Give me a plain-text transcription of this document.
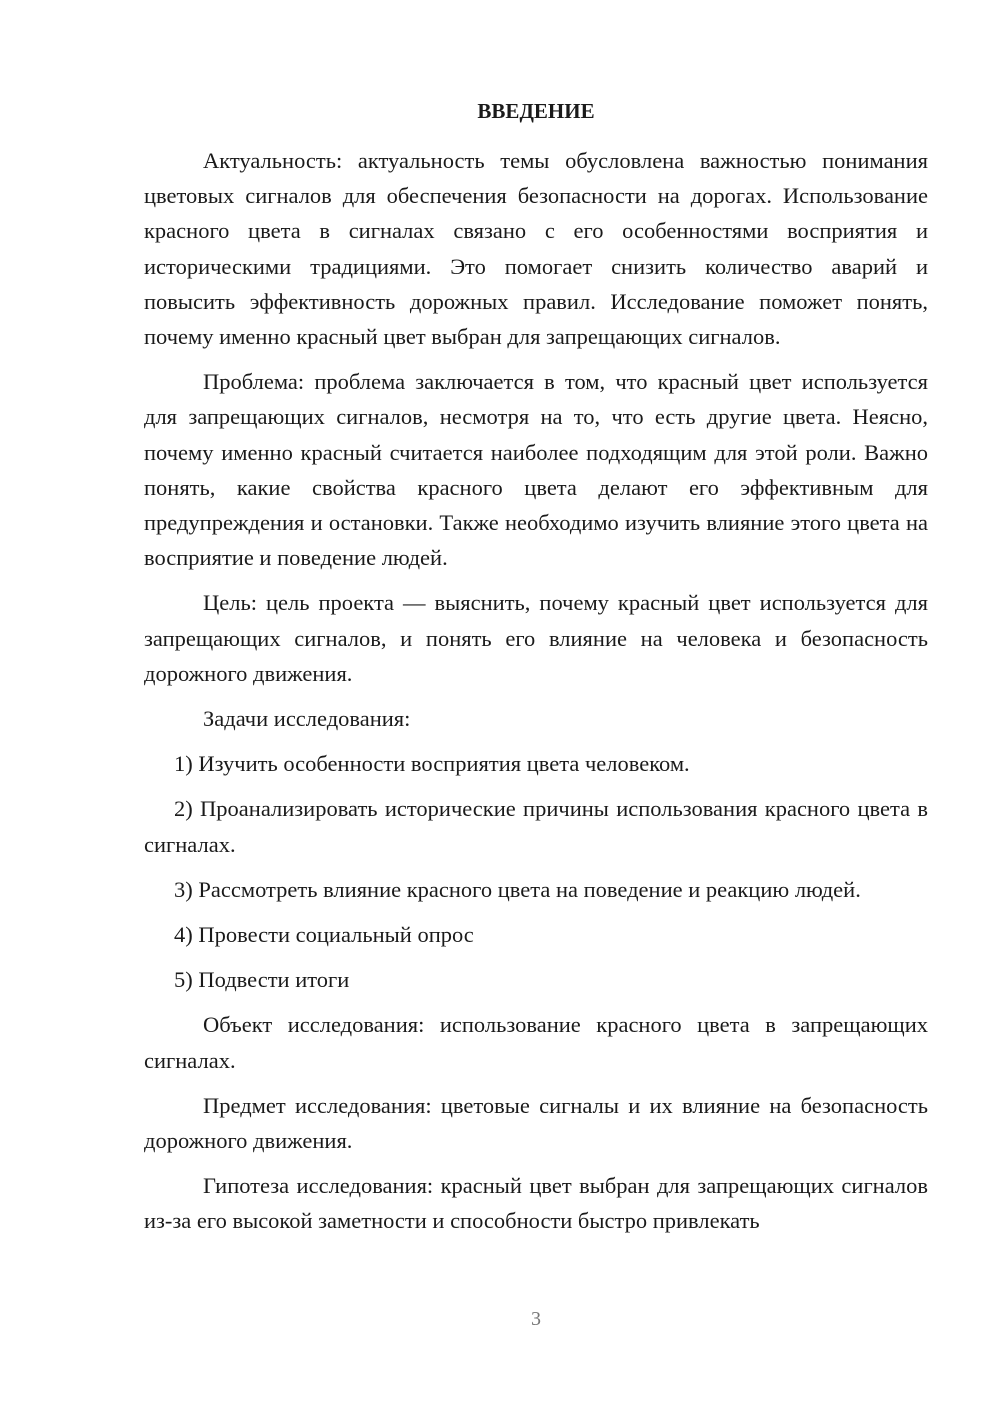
ВВЕДЕНИЕ

Актуальность: актуальность темы обусловлена важностью понимания цветовых сигналов для обеспечения безопасности на дорогах. Использование красного цвета в сигналах связано с его особенностями восприятия и историческими традициями. Это помогает снизить количество аварий и повысить эффективность дорожных правил. Исследование поможет понять, почему именно красный цвет выбран для запрещающих сигналов.

Проблема: проблема заключается в том, что красный цвет используется для запрещающих сигналов, несмотря на то, что есть другие цвета. Неясно, почему именно красный считается наиболее подходящим для этой роли. Важно понять, какие свойства красного цвета делают его эффективным для предупреждения и остановки. Также необходимо изучить влияние этого цвета на восприятие и поведение людей.

Цель: цель проекта — выяснить, почему красный цвет используется для запрещающих сигналов, и понять его влияние на человека и безопасность дорожного движения.

Задачи исследования:

1) Изучить особенности восприятия цвета человеком.

2) Проанализировать исторические причины использования красного цвета в сигналах.

3) Рассмотреть влияние красного цвета на поведение и реакцию людей.

4) Провести социальный опрос

5) Подвести итоги

Объект исследования: использование красного цвета в запрещающих сигналах.

Предмет исследования: цветовые сигналы и их влияние на безопасность дорожного движения.

Гипотеза исследования: красный цвет выбран для запрещающих сигналов из-за его высокой заметности и способности быстро привлекать

3
